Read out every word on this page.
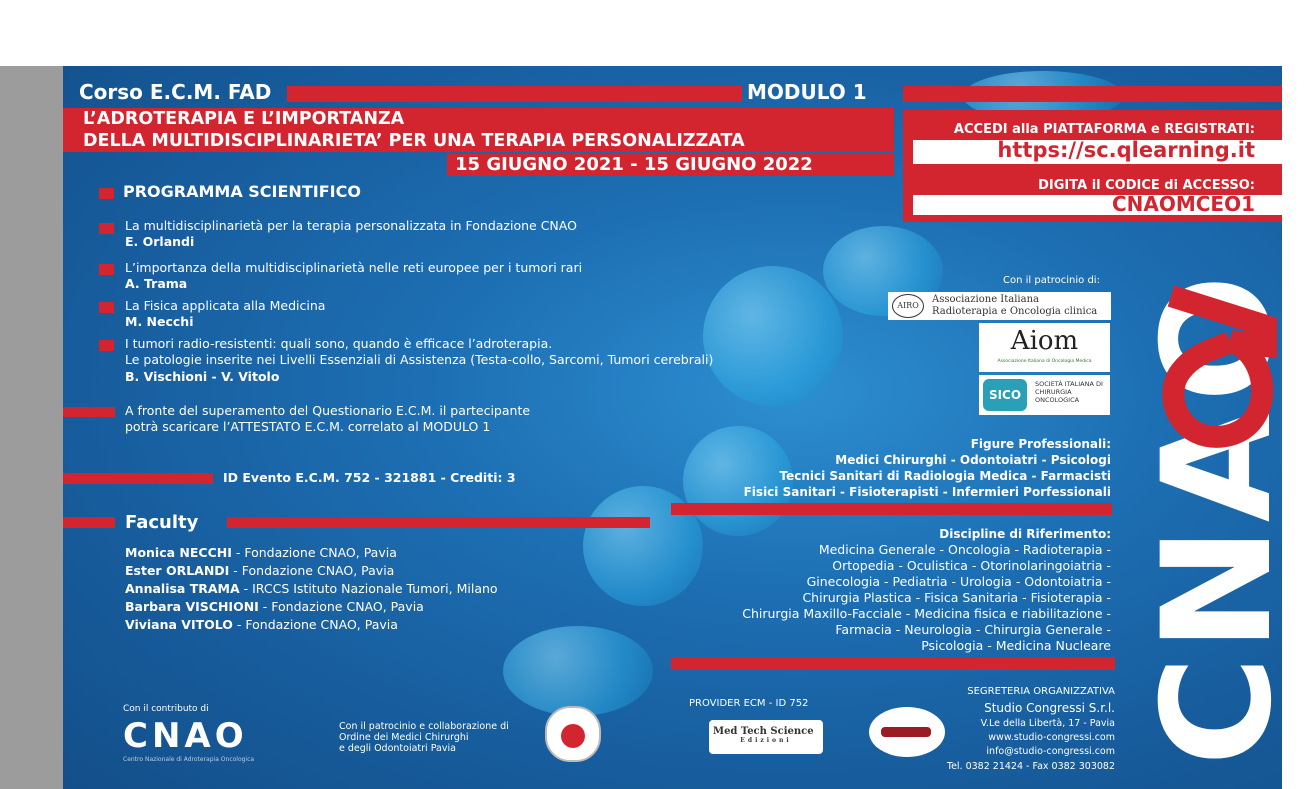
Corso E.C.M. FAD	MODULO 1
L’ADROTERAPIA E L’IMPORTANZA
DELLA MULTIDISCIPLINARIETA’ PER UNA TERAPIA PERSONALIZZATA
15 GIUGNO 2021 - 15 GIUGNO 2022
ACCEDI alla PIATTAFORMA e REGISTRATI:
https://sc.qlearning.it
DIGITA il CODICE di ACCESSO:
CNAOMCEO1
PROGRAMMA SCIENTIFICO
La multidisciplinarietà per la terapia personalizzata in Fondazione CNAO
E. Orlandi
L’importanza della multidisciplinarietà nelle reti europee per i tumori rari
A. Trama
La Fisica applicata alla Medicina
M. Necchi
I tumori radio-resistenti: quali sono, quando è efficace l’adroterapia.
Le patologie inserite nei Livelli Essenziali di Assistenza (Testa-collo, Sarcomi, Tumori cerebrali)
B. Vischioni - V. Vitolo
A fronte del superamento del Questionario E.C.M. il partecipante
potrà scaricare l’ATTESTATO E.C.M. correlato al MODULO 1
ID Evento E.C.M. 752 - 321881 - Crediti: 3
Faculty
Monica NECCHI - Fondazione CNAO, Pavia
Ester ORLANDI - Fondazione CNAO, Pavia
Annalisa TRAMA - IRCCS Istituto Nazionale Tumori, Milano
Barbara VISCHIONI - Fondazione CNAO, Pavia
Viviana VITOLO - Fondazione CNAO, Pavia
Con il patrocinio di:
AIRO
Associazione Italiana
Radioterapia e Oncologia clinica
Aiom
Associazione Italiana di Oncologia Medica
SICO
SOCIETÀ ITALIANA DI CHIRURGIA ONCOLOGICA
Figure Professionali:
Medici Chirurghi - Odontoiatri - Psicologi
Tecnici Sanitari di Radiologia Medica - Farmacisti
Fisici Sanitari - Fisioterapisti - Infermieri Porfessionali
Discipline di Riferimento:
Medicina Generale - Oncologia - Radioterapia -
Ortopedia - Oculistica - Otorinolaringoiatria -
Ginecologia - Pediatria - Urologia - Odontoiatria -
Chirurgia Plastica - Fisica Sanitaria - Fisioterapia -
Chirurgia Maxillo-Facciale - Medicina fisica e riabilitazione -
Farmacia - Neurologia - Chirurgia Generale -
Psicologia - Medicina Nucleare CNAO
Con il contributo di
CNAO
Centro Nazionale di Adroterapia Oncologica
Con il patrocinio e collaborazione di
Ordine dei Medici Chirurghi
e degli Odontoiatri Pavia
PROVIDER ECM - ID 752
Med Tech Science
Edizioni
SEGRETERIA ORGANIZZATIVA
Studio Congressi S.r.l.
V.Le della Libertà, 17 - Pavia
www.studio-congressi.com
info@studio-congressi.com
Tel. 0382 21424 - Fax 0382 303082
